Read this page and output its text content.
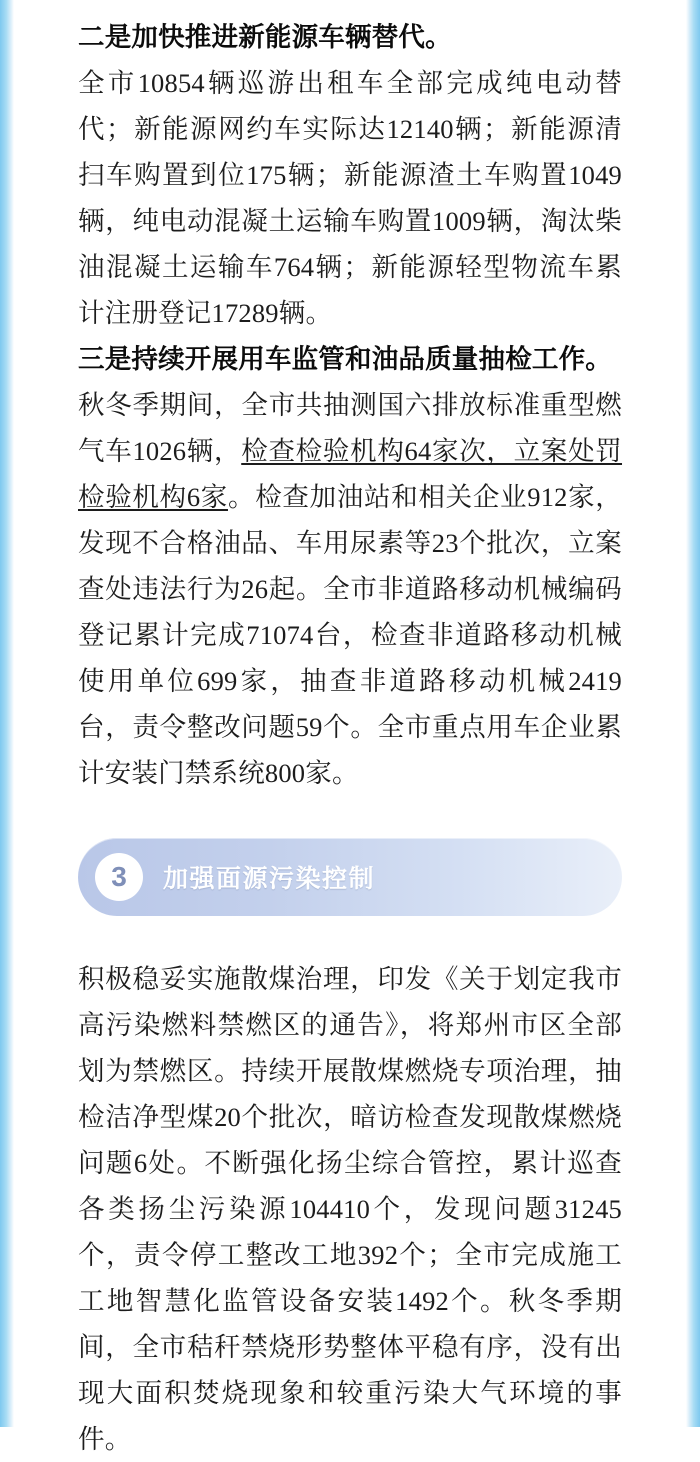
二是加快推进新能源车辆替代。

全市10854辆巡游出租车全部完成纯电动替代；新能源网约车实际达12140辆；新能源清扫车购置到位175辆；新能源渣土车购置1049辆，纯电动混凝土运输车购置1009辆，淘汰柴油混凝土运输车764辆；新能源轻型物流车累计注册登记17289辆。

三是持续开展用车监管和油品质量抽检工作。

秋冬季期间，全市共抽测国六排放标准重型燃气车1026辆，检查检验机构64家次，立案处罚检验机构6家。检查加油站和相关企业912家，发现不合格油品、车用尿素等23个批次，立案查处违法行为26起。全市非道路移动机械编码登记累计完成71074台，检查非道路移动机械使用单位699家，抽查非道路移动机械2419台，责令整改问题59个。全市重点用车企业累计安装门禁系统800家。

3	加强面源污染控制

积极稳妥实施散煤治理，印发《关于划定我市高污染燃料禁燃区的通告》，将郑州市区全部划为禁燃区。持续开展散煤燃烧专项治理，抽检洁净型煤20个批次，暗访检查发现散煤燃烧问题6处。不断强化扬尘综合管控，累计巡查各类扬尘污染源104410个，发现问题31245个，责令停工整改工地392个；全市完成施工工地智慧化监管设备安装1492个。秋冬季期间，全市秸秆禁烧形势整体平稳有序，没有出现大面积焚烧现象和较重污染大气环境的事件。
